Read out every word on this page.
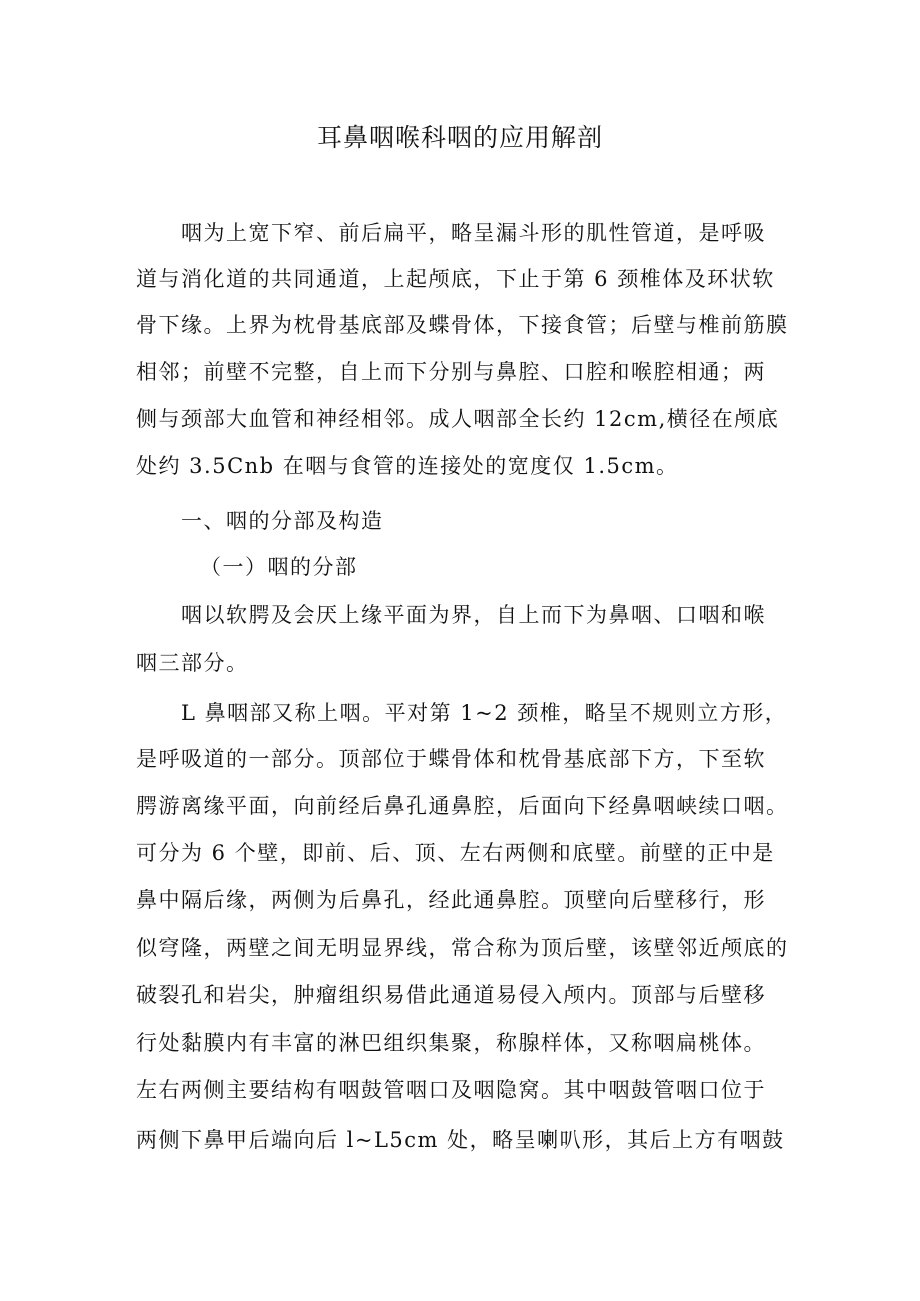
耳鼻咽喉科咽的应用解剖
咽为上宽下窄、前后扁平，略呈漏斗形的肌性管道，是呼吸
道与消化道的共同通道，上起颅底，下止于第 6 颈椎体及环状软
骨下缘。上界为枕骨基底部及蝶骨体，下接食管；后壁与椎前筋膜
相邻；前壁不完整，自上而下分别与鼻腔、口腔和喉腔相通；两
侧与颈部大血管和神经相邻。成人咽部全长约 12cm,横径在颅底
处约 3.5Cnb 在咽与食管的连接处的宽度仅 1.5cm。
一、咽的分部及构造
（一）咽的分部
咽以软腭及会厌上缘平面为界，自上而下为鼻咽、口咽和喉
咽三部分。
L 鼻咽部又称上咽。平对第 1~2 颈椎，略呈不规则立方形，
是呼吸道的一部分。顶部位于蝶骨体和枕骨基底部下方，下至软
腭游离缘平面，向前经后鼻孔通鼻腔，后面向下经鼻咽峡续口咽。
可分为 6 个壁，即前、后、顶、左右两侧和底壁。前壁的正中是
鼻中隔后缘，两侧为后鼻孔，经此通鼻腔。顶壁向后壁移行，形
似穹隆，两壁之间无明显界线，常合称为顶后壁，该壁邻近颅底的
破裂孔和岩尖，肿瘤组织易借此通道易侵入颅内。顶部与后壁移
行处黏膜内有丰富的淋巴组织集聚，称腺样体，又称咽扁桃体。
左右两侧主要结构有咽鼓管咽口及咽隐窝。其中咽鼓管咽口位于
两侧下鼻甲后端向后 l~L5cm 处，略呈喇叭形，其后上方有咽鼓
